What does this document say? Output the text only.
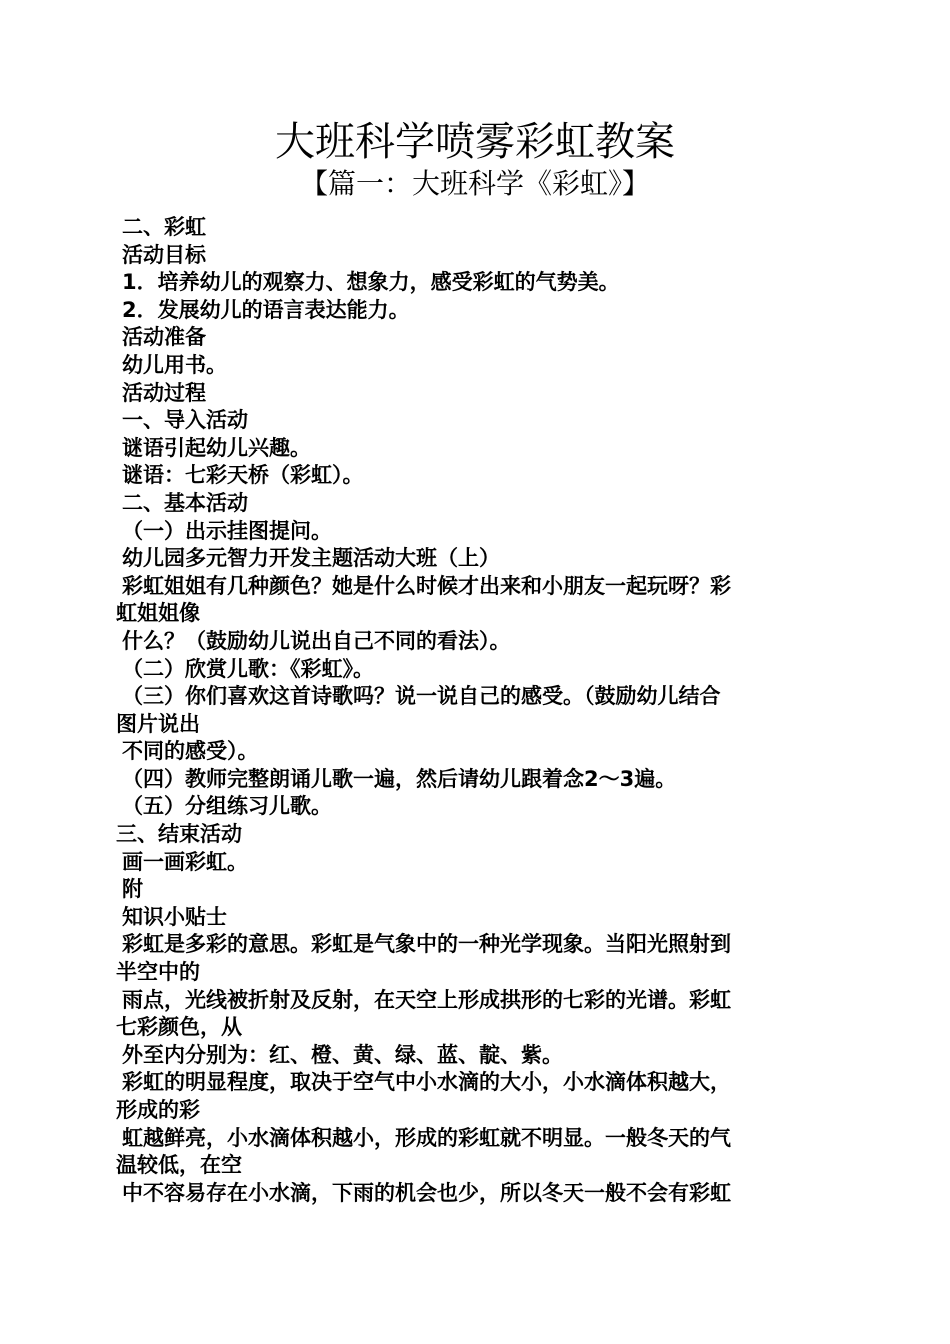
大班科学喷雾彩虹教案
【篇一：大班科学《彩虹》】
二、彩虹
活动目标
1．培养幼儿的观察力、想象力，感受彩虹的气势美。
2．发展幼儿的语言表达能力。
活动准备
幼儿用书。
活动过程
一、导入活动
谜语引起幼儿兴趣。
谜语：七彩天桥（彩虹）。
二、基本活动
（一）出示挂图提问。
幼儿园多元智力开发主题活动大班（上）
彩虹姐姐有几种颜色？她是什么时候才出来和小朋友一起玩呀？彩
虹姐姐像
什么？（鼓励幼儿说出自己不同的看法）。
（二）欣赏儿歌：《彩虹》。
（三）你们喜欢这首诗歌吗？说一说自己的感受。（鼓励幼儿结合
图片说出
不同的感受）。
（四）教师完整朗诵儿歌一遍，然后请幼儿跟着念2～3遍。
（五）分组练习儿歌。
三、结束活动
画一画彩虹。
附
知识小贴士
彩虹是多彩的意思。彩虹是气象中的一种光学现象。当阳光照射到
半空中的
雨点，光线被折射及反射，在天空上形成拱形的七彩的光谱。彩虹
七彩颜色，从
外至内分别为：红、橙、黄、绿、蓝、靛、紫。
彩虹的明显程度，取决于空气中小水滴的大小，小水滴体积越大，
形成的彩
虹越鲜亮，小水滴体积越小，形成的彩虹就不明显。一般冬天的气
温较低，在空
中不容易存在小水滴，下雨的机会也少，所以冬天一般不会有彩虹
